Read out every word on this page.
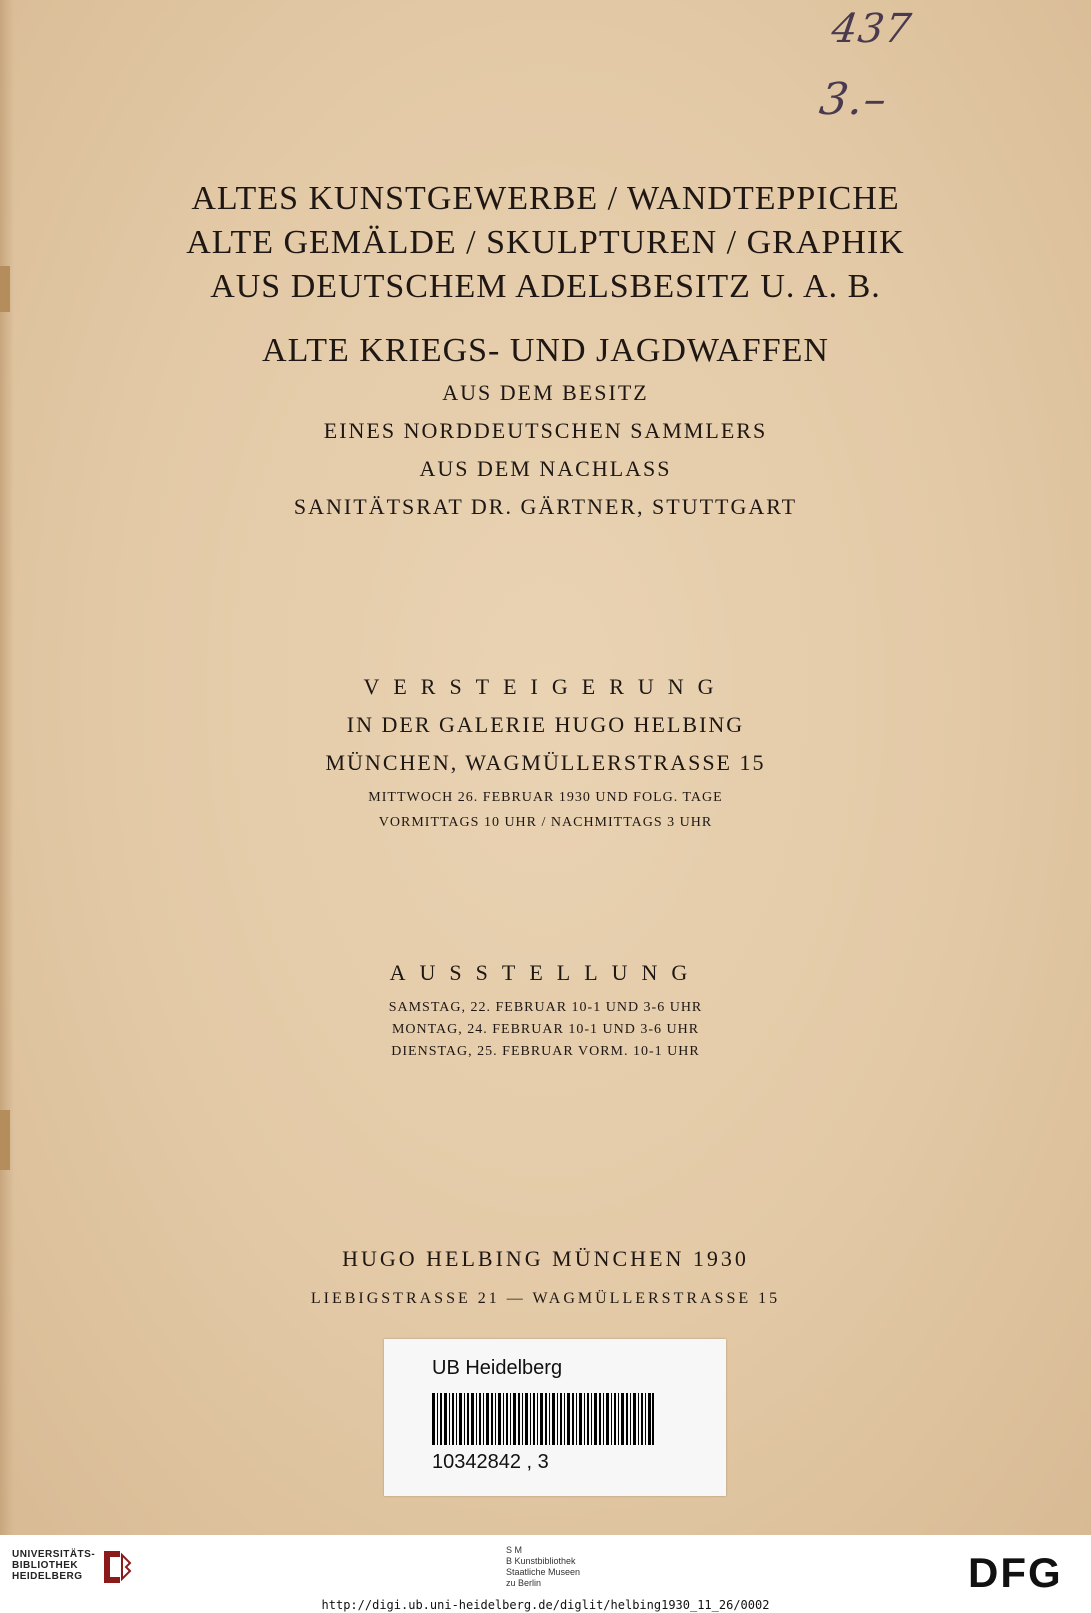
437
3.–
ALTES KUNSTGEWERBE / WANDTEPPICHE
ALTE GEMÄLDE / SKULPTUREN / GRAPHIK
AUS DEUTSCHEM ADELSBESITZ U. A. B.
ALTE KRIEGS- UND JAGDWAFFEN
AUS DEM BESITZ
EINES NORDDEUTSCHEN SAMMLERS
AUS DEM NACHLASS
SANITÄTSRAT DR. GÄRTNER, STUTTGART
VERSTEIGERUNG
IN DER GALERIE HUGO HELBING
MÜNCHEN, WAGMÜLLERSTRASSE 15
MITTWOCH 26. FEBRUAR 1930 UND FOLG. TAGE
VORMITTAGS 10 UHR / NACHMITTAGS 3 UHR
AUSSTELLUNG
SAMSTAG, 22. FEBRUAR 10-1 UND 3-6 UHR
MONTAG, 24. FEBRUAR 10-1 UND 3-6 UHR
DIENSTAG, 25. FEBRUAR VORM. 10-1 UHR
HUGO HELBING MÜNCHEN 1930
LIEBIGSTRASSE 21 — WAGMÜLLERSTRASSE 15
UB Heidelberg
10342842 , 3
UNIVERSITÄTS-
BIBLIOTHEK
HEIDELBERG
S M
B Kunstbibliothek
Staatliche Museen
zu Berlin	DFG
http://digi.ub.uni-heidelberg.de/diglit/helbing1930_11_26/0002
